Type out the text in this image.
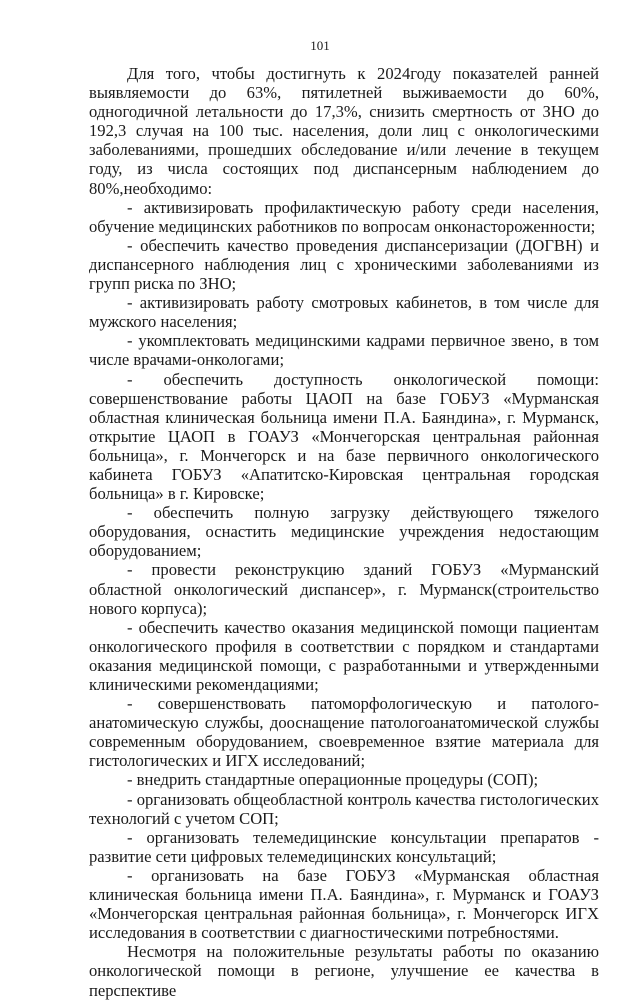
101

Для того, чтобы достигнуть к 2024году показателей ранней выявляемости до 63%, пятилетней выживаемости до 60%, одногодичной летальности до 17,3%, снизить смертность от ЗНО до 192,3 случая на 100 тыс. населения, доли лиц с онкологическими заболеваниями, прошедших обследование и/или лечение в текущем году, из числа состоящих под диспансерным наблюдением до 80%,необходимо:

- активизировать профилактическую работу среди населения, обучение медицинских работников по вопросам онконастороженности;

- обеспечить качество проведения диспансеризации (ДОГВН) и диспансерного наблюдения лиц с хроническими заболеваниями из групп риска по ЗНО;

- активизировать работу смотровых кабинетов, в том числе для мужского населения;

- укомплектовать медицинскими кадрами первичное звено, в том числе врачами-онкологами;

- обеспечить доступность онкологической помощи: совершенствование работы ЦАОП на базе ГОБУЗ «Мурманская областная клиническая больница имени П.А. Баяндина», г. Мурманск, открытие ЦАОП в ГОАУЗ «Мончегорская центральная районная больница», г. Мончегорск и на базе первичного онкологического кабинета ГОБУЗ «Апатитско-Кировская центральная городская больница» в г. Кировске;

- обеспечить полную загрузку действующего тяжелого оборудования, оснастить медицинские учреждения недостающим оборудованием;

- провести реконструкцию зданий ГОБУЗ «Мурманский областной онкологический диспансер», г. Мурманск(строительство нового корпуса);

- обеспечить качество оказания медицинской помощи пациентам онкологического профиля в соответствии с порядком и стандартами оказания медицинской помощи, с разработанными и утвержденными клиническими рекомендациями;

- совершенствовать патоморфологическую и патолого-анатомическую службы, дооснащение патологоанатомической службы современным оборудованием, своевременное взятие материала для гистологических и ИГХ исследований;

- внедрить стандартные операционные процедуры (СОП);

- организовать общеобластной контроль качества гистологических технологий с учетом СОП;

- организовать телемедицинские консультации препаратов - развитие сети цифровых телемедицинских консультаций;

- организовать на базе ГОБУЗ «Мурманская областная клиническая больница имени П.А. Баяндина», г. Мурманск и ГОАУЗ «Мончегорская центральная районная больница», г. Мончегорск ИГХ исследования в соответствии с диагностическими потребностями.

Несмотря на положительные результаты работы по оказанию онкологической помощи в регионе, улучшение ее качества в перспективе
